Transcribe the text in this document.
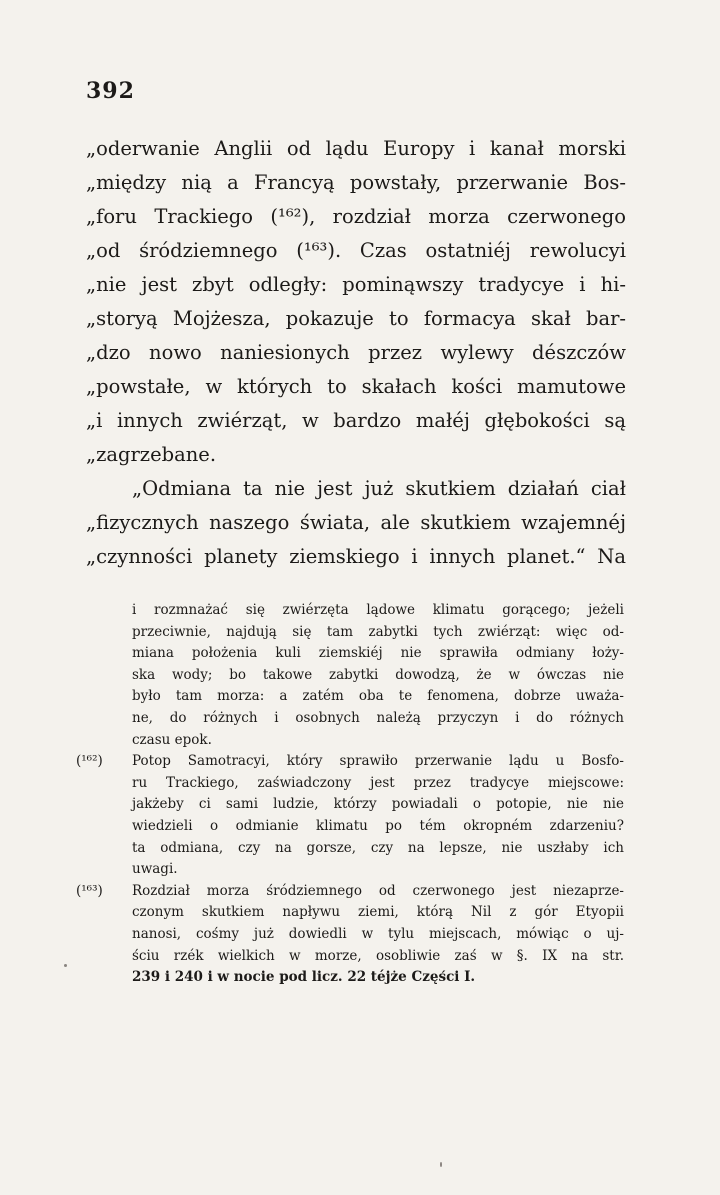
392
„oderwanie Anglii od lądu Europy i kanał morski
„między nią a Francyą powstały, przerwanie Bos-
„foru Trackiego (¹⁶²), rozdział morza czerwonego
„od śródziemnego (¹⁶³). Czas ostatniéj rewolucyi
„nie jest zbyt odległy: pominąwszy tradycye i hi-
„storyą Mojżesza, pokazuje to formacya skał bar-
„dzo nowo naniesionych przez wylewy dészczów
„powstałe, w których to skałach kości mamutowe
„i innych zwiérząt, w bardzo małéj głębokości są
„zagrzebane.
„Odmiana ta nie jest już skutkiem działań ciał
„fizycznych naszego świata, ale skutkiem wzajemnéj
„czynności planety ziemskiego i innych planet.“ Na
i rozmnażać się zwiérzęta lądowe klimatu gorącego; jeżeli
przeciwnie, najdują się tam zabytki tych zwiérząt: więc od-
miana położenia kuli ziemskiéj nie sprawiła odmiany łoży-
ska wody; bo takowe zabytki dowodzą, że w ówczas nie
było tam morza: a zatém oba te fenomena, dobrze uważa-
ne, do różnych i osobnych należą przyczyn i do różnych
czasu epok.
(¹⁶²)	Potop Samotracyi, który sprawiło przerwanie lądu u Bosfo-
ru Trackiego, zaświadczony jest przez tradycye miejscowe:
jakżeby ci sami ludzie, którzy powiadali o potopie, nie nie
wiedzieli o odmianie klimatu po tém okropném zdarzeniu?
ta odmiana, czy na gorsze, czy na lepsze, nie uszłaby ich
uwagi.
(¹⁶³)	Rozdział morza śródziemnego od czerwonego jest niezaprze-
czonym skutkiem napływu ziemi, którą Nil z gór Etyopii
nanosi, cośmy już dowiedli w tylu miejscach, mówiąc o uj-
ściu rzék wielkich w morze, osobliwie zaś w §. IX na str.
239 i 240 i w nocie pod licz. 22 téjże Części I.
